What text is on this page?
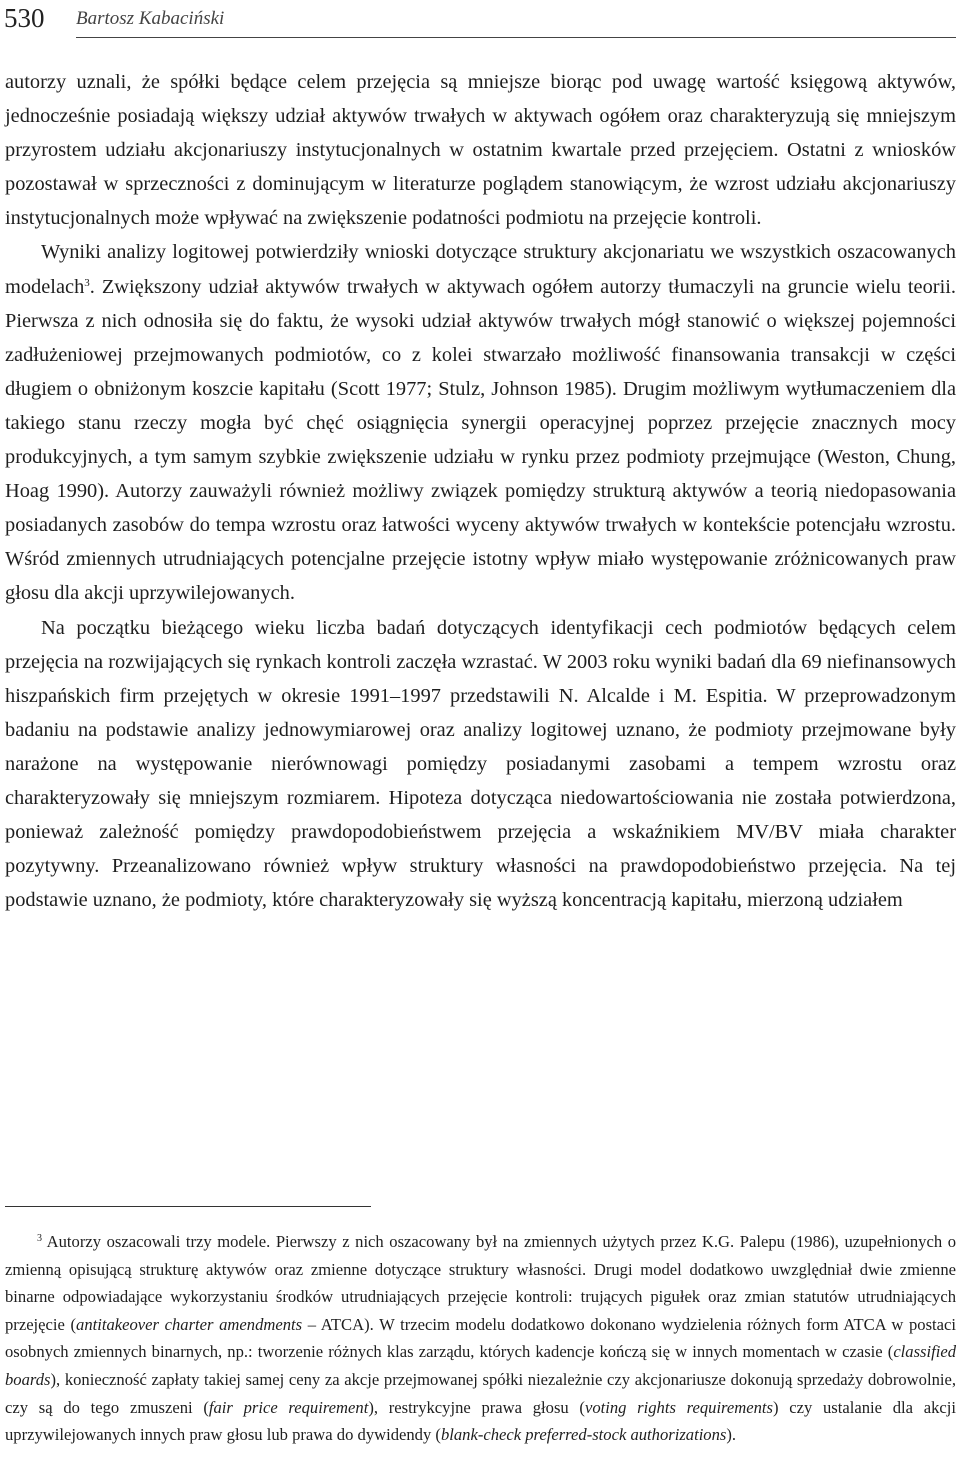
530 Bartosz Kabaciński

autorzy uznali, że spółki będące celem przejęcia są mniejsze biorąc pod uwagę wartość księgową aktywów, jednocześnie posiadają większy udział aktywów trwałych w aktywach ogółem oraz charakteryzują się mniejszym przyrostem udziału akcjonariuszy instytucjonalnych w ostatnim kwartale przed przejęciem. Ostatni z wniosków pozostawał w sprzeczności z dominującym w literaturze poglądem stanowiącym, że wzrost udziału akcjonariuszy instytucjonalnych może wpływać na zwiększenie podatności podmiotu na przejęcie kontroli.

Wyniki analizy logitowej potwierdziły wnioski dotyczące struktury akcjonariatu we wszystkich oszacowanych modelach$^3$. Zwiększony udział aktywów trwałych w aktywach ogółem autorzy tłumaczyli na gruncie wielu teorii. Pierwsza z nich odnosiła się do faktu, że wysoki udział aktywów trwałych mógł stanowić o większej pojemności zadłużeniowej przejmowanych podmiotów, co z kolei stwarzało możliwość finansowania transakcji w części długiem o obniżonym koszcie kapitału (Scott 1977; Stulz, Johnson 1985). Drugim możliwym wytłumaczeniem dla takiego stanu rzeczy mogła być chęć osiągnięcia synergii operacyjnej poprzez przejęcie znacznych mocy produkcyjnych, a tym samym szybkie zwiększenie udziału w rynku przez podmioty przejmujące (Weston, Chung, Hoag 1990). Autorzy zauważyli również możliwy związek pomiędzy strukturą aktywów a teorią niedopasowania posiadanych zasobów do tempa wzrostu oraz łatwości wyceny aktywów trwałych w kontekście potencjału wzrostu. Wśród zmiennych utrudniających potencjalne przejęcie istotny wpływ miało występowanie zróżnicowanych praw głosu dla akcji uprzywilejowanych.

Na początku bieżącego wieku liczba badań dotyczących identyfikacji cech podmiotów będących celem przejęcia na rozwijających się rynkach kontroli zaczęła wzrastać. W 2003 roku wyniki badań dla 69 niefinansowych hiszpańskich firm przejętych w okresie 1991–1997 przedstawili N. Alcalde i M. Espitia. W przeprowadzonym badaniu na podstawie analizy jednowymiarowej oraz analizy logitowej uznano, że podmioty przejmowane były narażone na występowanie nierównowagi pomiędzy posiadanymi zasobami a tempem wzrostu oraz charakteryzowały się mniejszym rozmiarem. Hipoteza dotycząca niedowartościowania nie została potwierdzona, ponieważ zależność pomiędzy prawdopodobieństwem przejęcia a wskaźnikiem MV/BV miała charakter pozytywny. Przeanalizowano również wpływ struktury własności na prawdopodobieństwo przejęcia. Na tej podstawie uznano, że podmioty, które charakteryzowały się wyższą koncentracją kapitału, mierzoną udziałem

$^3$ Autorzy oszacowali trzy modele. Pierwszy z nich oszacowany był na zmiennych użytych przez K.G. Palepu (1986), uzupełnionych o zmienną opisującą strukturę aktywów oraz zmienne dotyczące struktury własności. Drugi model dodatkowo uwzględniał dwie zmienne binarne odpowiadające wykorzystaniu środków utrudniających przejęcie kontroli: trujących pigułek oraz zmian statutów utrudniających przejęcie (antitakeover charter amendments – ATCA). W trzecim modelu dodatkowo dokonano wydzielenia różnych form ATCA w postaci osobnych zmiennych binarnych, np.: tworzenie różnych klas zarządu, których kadencje kończą się w innych momentach w czasie (classified boards), konieczność zapłaty takiej samej ceny za akcje przejmowanej spółki niezależnie czy akcjonariusze dokonują sprzedaży dobrowolnie, czy są do tego zmuszeni (fair price requirement), restrykcyjne prawa głosu (voting rights requirements) czy ustalanie dla akcji uprzywilejowanych innych praw głosu lub prawa do dywidendy (blank-check preferred-stock authorizations).
